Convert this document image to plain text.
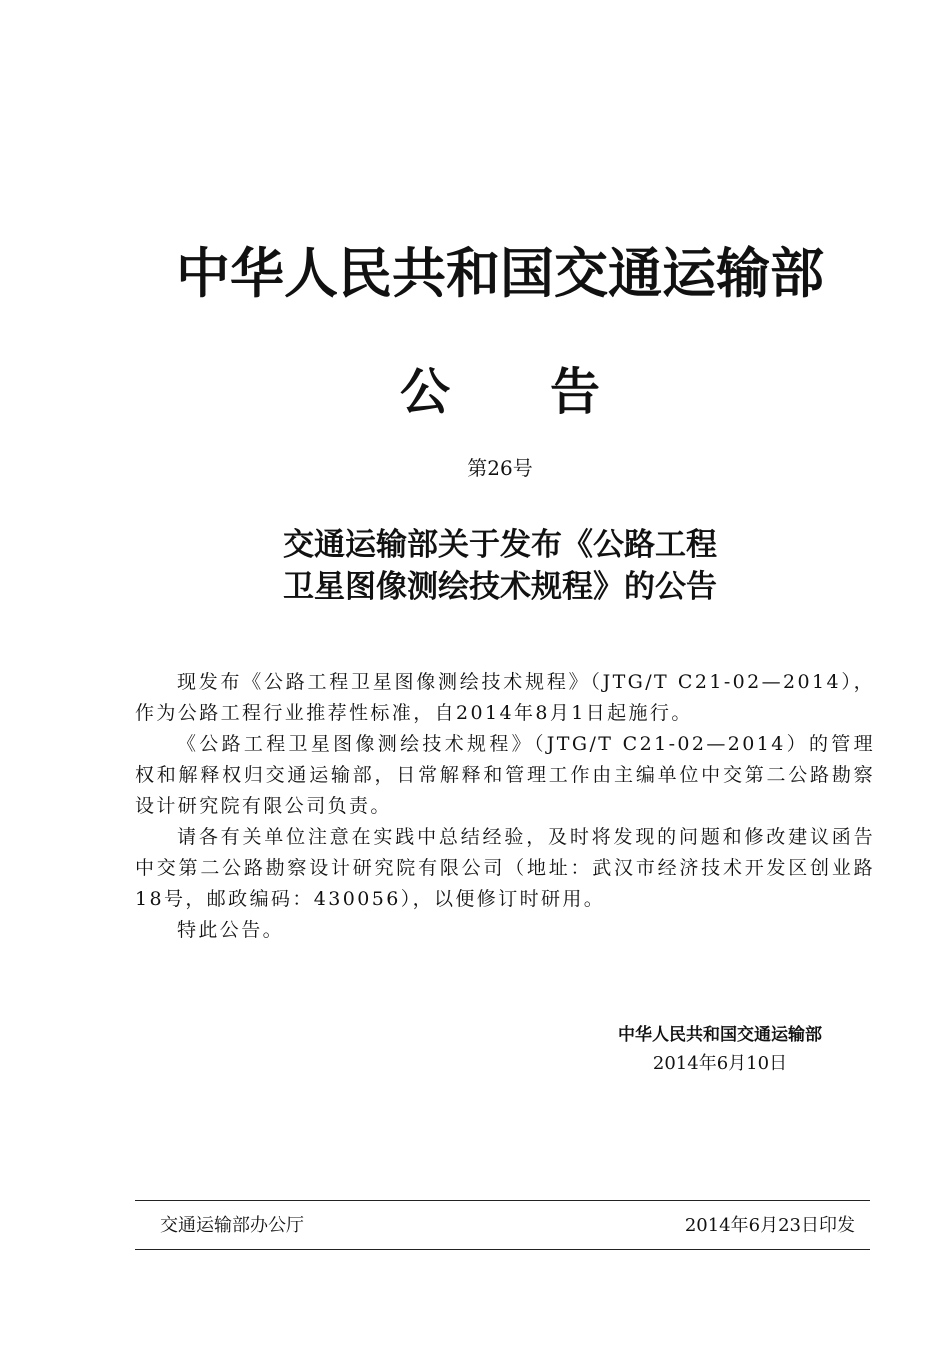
中华人民共和国交通运输部
公 告
第26号
交通运输部关于发布《公路工程
卫星图像测绘技术规程》的公告

现发布《公路工程卫星图像测绘技术规程》（JTG/T C21-02—2014），作为公路工程行业推荐性标准，自2014年8月1日起施行。

《公路工程卫星图像测绘技术规程》（JTG/T C21-02—2014）的管理权和解释权归交通运输部，日常解释和管理工作由主编单位中交第二公路勘察设计研究院有限公司负责。

请各有关单位注意在实践中总结经验，及时将发现的问题和修改建议函告中交第二公路勘察设计研究院有限公司（地址：武汉市经济技术开发区创业路18号，邮政编码：430056），以便修订时研用。

特此公告。

中华人民共和国交通运输部
2014年6月10日
交通运输部办公厅	2014年6月23日印发
